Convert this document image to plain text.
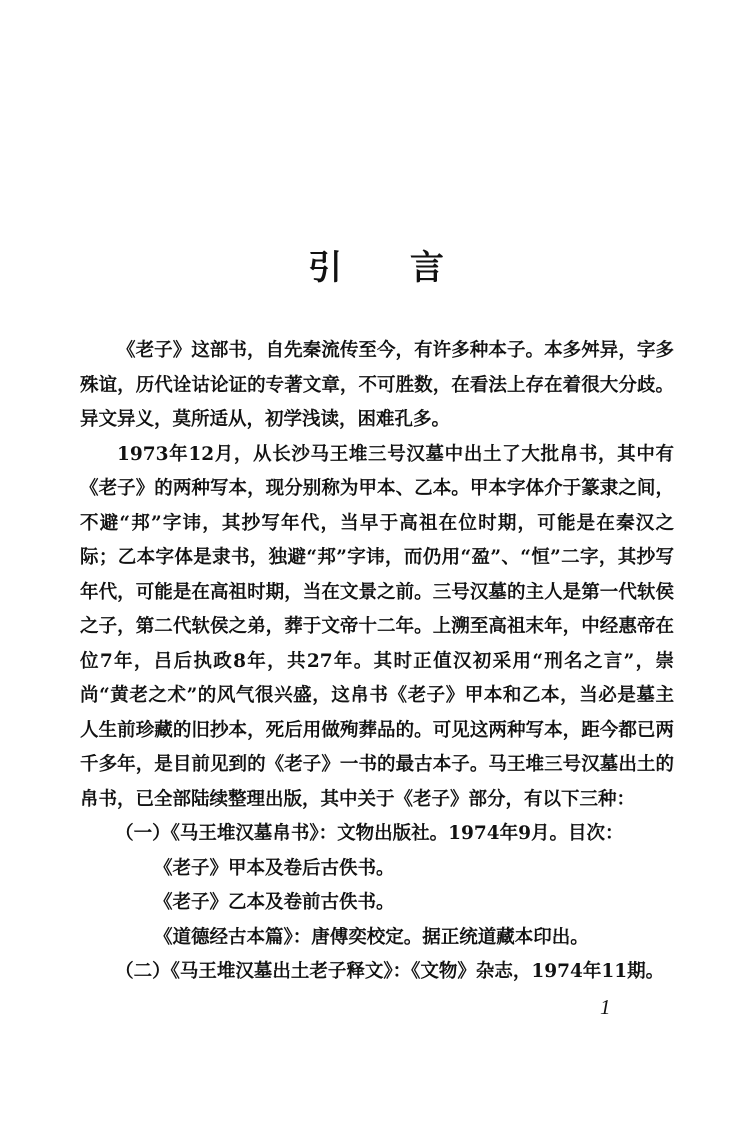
引 言

《老子》这部书，自先秦流传至今，有许多种本子。本多舛异，字多殊谊，历代诠诂论证的专著文章，不可胜数，在看法上存在着很大分歧。异文异义，莫所适从，初学浅读，困难孔多。

1973年12月，从长沙马王堆三号汉墓中出土了大批帛书，其中有《老子》的两种写本，现分别称为甲本、乙本。甲本字体介于篆隶之间，不避“邦”字讳，其抄写年代，当早于高祖在位时期，可能是在秦汉之际；乙本字体是隶书，独避“邦”字讳，而仍用“盈”、“恒”二字，其抄写年代，可能是在高祖时期，当在文景之前。三号汉墓的主人是第一代轪侯之子，第二代轪侯之弟，葬于文帝十二年。上溯至高祖末年，中经惠帝在位7年，吕后执政8年，共27年。其时正值汉初采用“刑名之言”，崇尚“黄老之术”的风气很兴盛，这帛书《老子》甲本和乙本，当必是墓主人生前珍藏的旧抄本，死后用做殉葬品的。可见这两种写本，距今都已两千多年，是目前见到的《老子》一书的最古本子。马王堆三号汉墓出土的帛书，已全部陆续整理出版，其中关于《老子》部分，有以下三种：

（一）《马王堆汉墓帛书》：文物出版社。1974年9月。目次：
《老子》甲本及卷后古佚书。
《老子》乙本及卷前古佚书。
《道德经古本篇》：唐傅奕校定。据正统道藏本印出。
（二）《马王堆汉墓出土老子释文》：《文物》杂志，1974年11期。
1
